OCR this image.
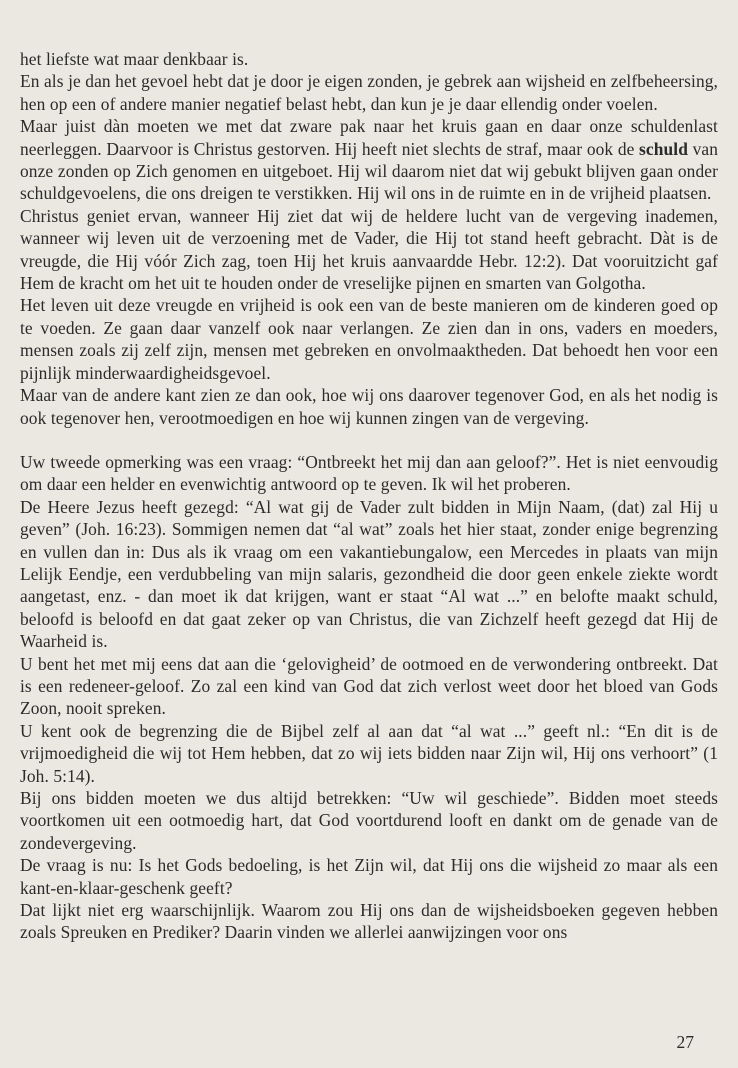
het liefste wat maar denkbaar is.

En als je dan het gevoel hebt dat je door je eigen zonden, je gebrek aan wijsheid en zelfbeheersing, hen op een of andere manier negatief belast hebt, dan kun je je daar ellendig onder voelen.

Maar juist dàn moeten we met dat zware pak naar het kruis gaan en daar onze schuldenlast neerleggen. Daarvoor is Christus gestorven. Hij heeft niet slechts de straf, maar ook de schuld van onze zonden op Zich genomen en uitgeboet. Hij wil daarom niet dat wij gebukt blijven gaan onder schuldgevoelens, die ons dreigen te verstikken. Hij wil ons in de ruimte en in de vrijheid plaatsen.

Christus geniet ervan, wanneer Hij ziet dat wij de heldere lucht van de vergeving inademen, wanneer wij leven uit de verzoening met de Vader, die Hij tot stand heeft gebracht. Dàt is de vreugde, die Hij vóór Zich zag, toen Hij het kruis aanvaardde Hebr. 12:2). Dat vooruitzicht gaf Hem de kracht om het uit te houden onder de vreselijke pijnen en smarten van Golgotha.

Het leven uit deze vreugde en vrijheid is ook een van de beste manieren om de kinderen goed op te voeden. Ze gaan daar vanzelf ook naar verlangen. Ze zien dan in ons, vaders en moeders, mensen zoals zij zelf zijn, mensen met gebreken en onvolmaaktheden. Dat behoedt hen voor een pijnlijk minderwaardigheidsgevoel.

Maar van de andere kant zien ze dan ook, hoe wij ons daarover tegenover God, en als het nodig is ook tegenover hen, verootmoedigen en hoe wij kunnen zingen van de vergeving.

Uw tweede opmerking was een vraag: “Ontbreekt het mij dan aan geloof?”. Het is niet eenvoudig om daar een helder en evenwichtig antwoord op te geven. Ik wil het proberen.

De Heere Jezus heeft gezegd: “Al wat gij de Vader zult bidden in Mijn Naam, (dat) zal Hij u geven” (Joh. 16:23). Sommigen nemen dat “al wat” zoals het hier staat, zonder enige begrenzing en vullen dan in: Dus als ik vraag om een vakantiebungalow, een Mercedes in plaats van mijn Lelijk Eendje, een verdubbeling van mijn salaris, gezondheid die door geen enkele ziekte wordt aangetast, enz. - dan moet ik dat krijgen, want er staat “Al wat ...” en belofte maakt schuld, beloofd is beloofd en dat gaat zeker op van Christus, die van Zichzelf heeft gezegd dat Hij de Waarheid is.

U bent het met mij eens dat aan die ‘gelovigheid’ de ootmoed en de verwondering ontbreekt. Dat is een redeneer-geloof. Zo zal een kind van God dat zich verlost weet door het bloed van Gods Zoon, nooit spreken.

U kent ook de begrenzing die de Bijbel zelf al aan dat “al wat ...” geeft nl.: “En dit is de vrijmoedigheid die wij tot Hem hebben, dat zo wij iets bidden naar Zijn wil, Hij ons verhoort” (1 Joh. 5:14).

Bij ons bidden moeten we dus altijd betrekken: “Uw wil geschiede”. Bidden moet steeds voortkomen uit een ootmoedig hart, dat God voortdurend looft en dankt om de genade van de zondevergeving.

De vraag is nu: Is het Gods bedoeling, is het Zijn wil, dat Hij ons die wijsheid zo maar als een kant-en-klaar-geschenk geeft?

Dat lijkt niet erg waarschijnlijk. Waarom zou Hij ons dan de wijsheidsboeken gegeven hebben zoals Spreuken en Prediker? Daarin vinden we allerlei aanwijzingen voor ons

27
